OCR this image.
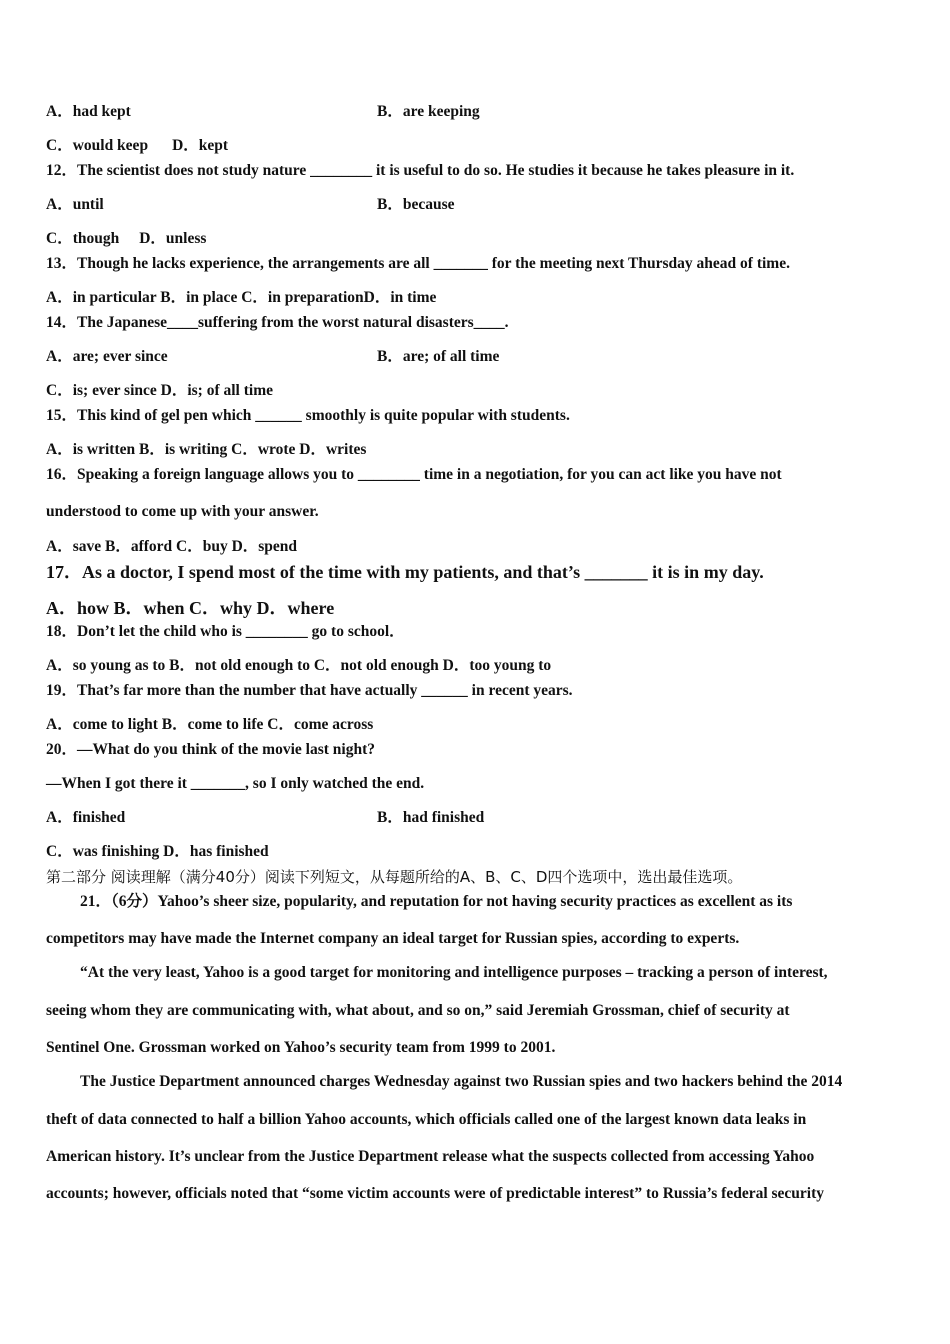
A．had kept	B．are keeping

C．would keep D．kept

12．The scientist does not study nature ________ it is useful to do so. He studies it because he takes pleasure in it.

A．until	B．because

C．though D．unless

13．Though he lacks experience, the arrangements are all _______ for the meeting next Thursday ahead of time.

A．in particular B．in place C．in preparationD．in time

14．The Japanese____suffering from the worst natural disasters____.

A．are; ever since	B．are; of all time

C．is; ever since D．is; of all time

15．This kind of gel pen which ______ smoothly is quite popular with students.

A．is written B．is writing C．wrote D．writes

16．Speaking a foreign language allows you to ________ time in a negotiation, for you can act like you have not

understood to come up with your answer.

A．save B．afford C．buy D．spend

17．As a doctor, I spend most of the time with my patients, and that’s _______ it is in my day.

A．how B．when C．why D．where

18．Don’t let the child who is ________ go to school．

A．so young as to B．not old enough to C．not old enough D．too young to

19．That’s far more than the number that have actually ______ in recent years.

A．come to light B．come to life C．come across

20．—What do you think of the movie last night?

—When I got there it _______, so I only watched the end.

A．finished	B．had finished

C．was finishing D．has finished

第二部分 阅读理解（满分40分）阅读下列短文，从每题所给的A、B、C、D四个选项中，选出最佳选项。

21．（6分）Yahoo’s sheer size, popularity, and reputation for not having security practices as excellent as its

competitors may have made the Internet company an ideal target for Russian spies, according to experts.

“At the very least, Yahoo is a good target for monitoring and intelligence purposes – tracking a person of interest,

seeing whom they are communicating with, what about, and so on,” said Jeremiah Grossman, chief of security at

Sentinel One. Grossman worked on Yahoo’s security team from 1999 to 2001.

The Justice Department announced charges Wednesday against two Russian spies and two hackers behind the 2014

theft of data connected to half a billion Yahoo accounts, which officials called one of the largest known data leaks in

American history. It’s unclear from the Justice Department release what the suspects collected from accessing Yahoo

accounts; however, officials noted that “some victim accounts were of predictable interest” to Russia’s federal security
